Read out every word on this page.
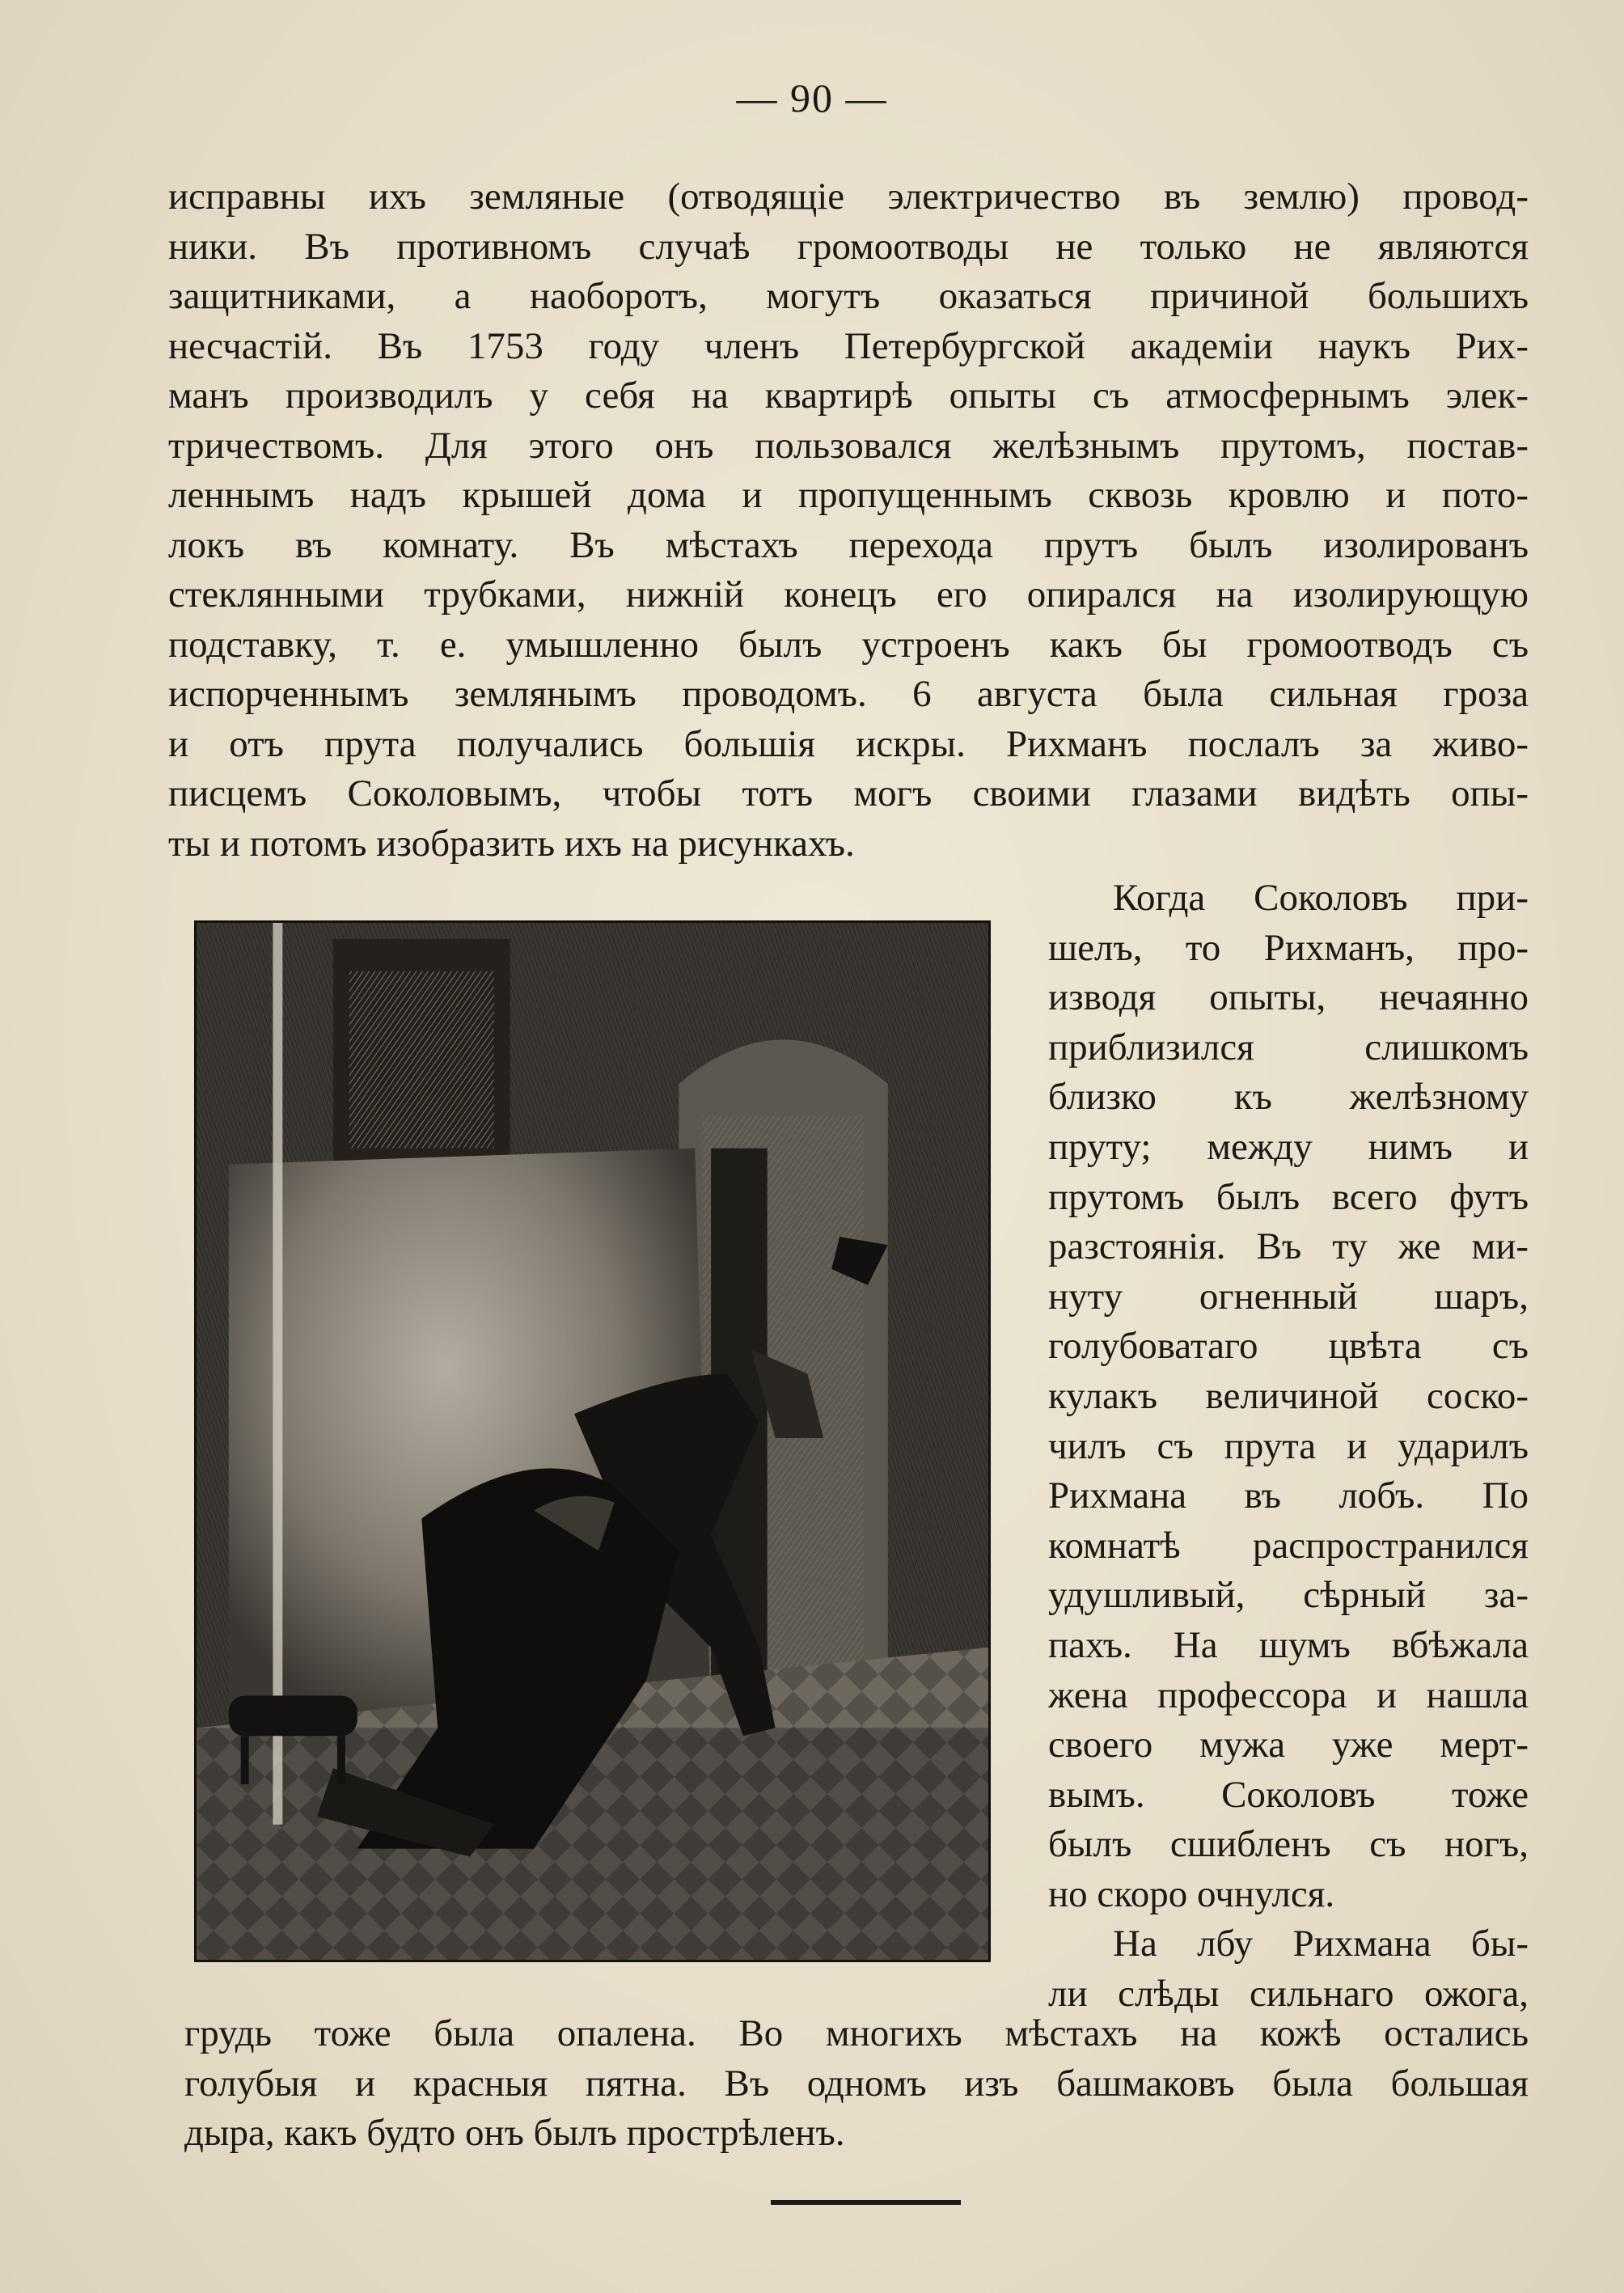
— 90 —
исправны ихъ земляные (отводящіе электричество въ землю) провод-
ники. Въ противномъ случаѣ громоотводы не только не являются
защитниками, а наоборотъ, могутъ оказаться причиной большихъ
несчастій. Въ 1753 году членъ Петербургской академіи наукъ Рих-
манъ производилъ у себя на квартирѣ опыты съ атмосфернымъ элек-
тричествомъ. Для этого онъ пользовался желѣзнымъ прутомъ, постав-
леннымъ надъ крышей дома и пропущеннымъ сквозь кровлю и пото-
локъ въ комнату. Въ мѣстахъ перехода прутъ былъ изолированъ
стеклянными трубками, нижній конецъ его опирался на изолирующую
подставку, т. е. умышленно былъ устроенъ какъ бы громоотводъ съ
испорченнымъ землянымъ проводомъ. 6 августа была сильная гроза
и отъ прута получались большія искры. Рихманъ послалъ за живо-
писцемъ Соколовымъ, чтобы тотъ могъ своими глазами видѣть опы-
ты и потомъ изобразить ихъ на рисункахъ.
Когда Соколовъ при-
шелъ, то Рихманъ, про-
изводя опыты, нечаянно
приблизился слишкомъ
близко къ желѣзному
пруту; между нимъ и
прутомъ былъ всего футъ
разстоянія. Въ ту же ми-
нуту огненный шаръ,
голубоватаго цвѣта съ
кулакъ величиной соско-
чилъ съ прута и ударилъ
Рихмана въ лобъ. По
комнатѣ распространился
удушливый, сѣрный за-
пахъ. На шумъ вбѣжала
жена профессора и нашла
своего мужа уже мерт-
вымъ. Соколовъ тоже
былъ сшибленъ съ ногъ,
но скоро очнулся.
На лбу Рихмана бы-
ли слѣды сильнаго ожога,
грудь тоже была опалена. Во многихъ мѣстахъ на кожѣ остались
голубыя и красныя пятна. Въ одномъ изъ башмаковъ была большая
дыра, какъ будто онъ былъ прострѣленъ.
